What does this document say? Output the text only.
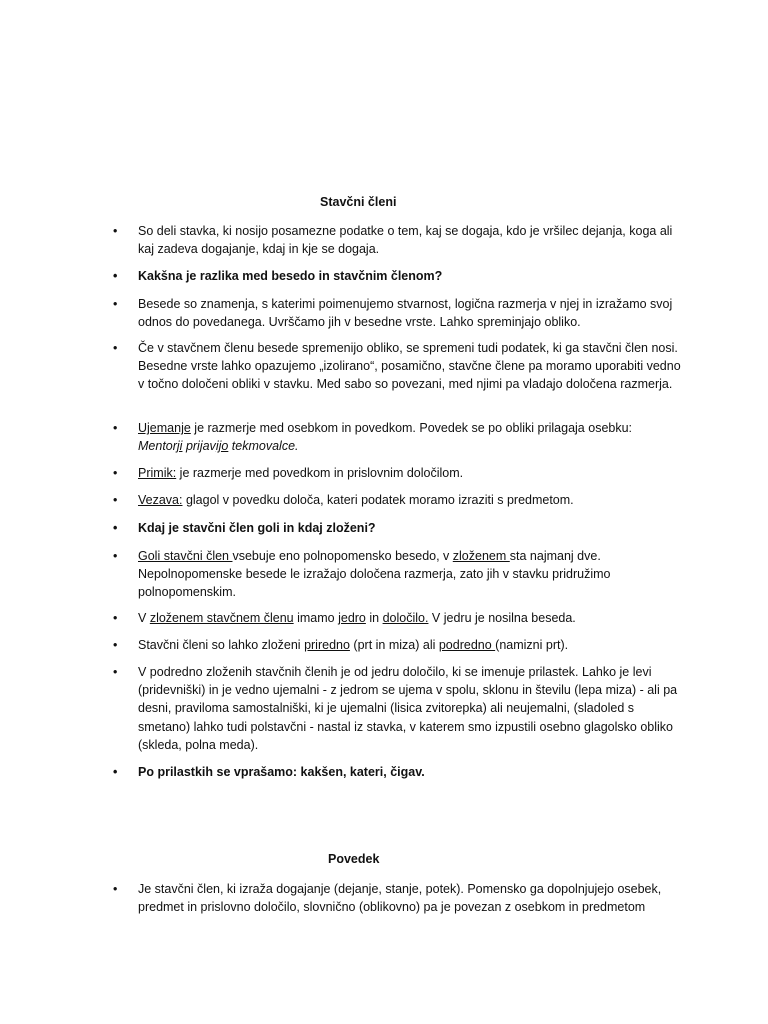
Stavčni členi
• So deli stavka, ki nosijo posamezne podatke o tem, kaj se dogaja, kdo je vršilec dejanja, koga ali kaj zadeva dogajanje, kdaj in kje se dogaja.
• Kakšna je razlika med besedo in stavčnim členom?
• Besede so znamenja, s katerimi poimenujemo stvarnost, logična razmerja v njej in izražamo svoj odnos do povedanega. Uvrščamo jih v besedne vrste. Lahko spreminjajo obliko.
• Če v stavčnem členu besede spremenijo obliko, se spremeni tudi podatek, ki ga stavčni člen nosi. Besedne vrste lahko opazujemo „izolirano“, posamično, stavčne člene pa moramo uporabiti vedno v točno določeni obliki v stavku. Med sabo so povezani, med njimi pa vladajo določena razmerja.
• Ujemanje je razmerje med osebkom in povedkom. Povedek se po obliki prilagaja osebku:
Mentorji prijavijo tekmovalce.
• Primik: je razmerje med povedkom in prislovnim določilom.
• Vezava: glagol v povedku določa, kateri podatek moramo izraziti s predmetom.
• Kdaj je stavčni člen goli in kdaj zloženi?
• Goli stavčni člen vsebuje eno polnopomensko besedo, v zloženem sta najmanj dve. Nepolnopomenske besede le izražajo določena razmerja, zato jih v stavku pridružimo polnopomenskim.
• V zloženem stavčnem členu imamo jedro in določilo. V jedru je nosilna beseda.
• Stavčni členi so lahko zloženi priredno (prt in miza) ali podredno (namizni prt).
• V podredno zloženih stavčnih členih je od jedru določilo, ki se imenuje prilastek. Lahko je levi (pridevniški) in je vedno ujemalni - z jedrom se ujema v spolu, sklonu in številu (lepa miza) - ali pa desni, praviloma samostalniški, ki je ujemalni (lisica zvitorepka) ali neujemalni, (sladoled s smetano) lahko tudi polstavčni - nastal iz stavka, v katerem smo izpustili osebno glagolsko obliko (skleda, polna meda).
• Po prilastkih se vprašamo: kakšen, kateri, čigav.
Povedek
• Je stavčni člen, ki izraža dogajanje (dejanje, stanje, potek). Pomensko ga dopolnjujejo osebek, predmet in prislovno določilo, slovnično (oblikovno) pa je povezan z osebkom in predmetom
